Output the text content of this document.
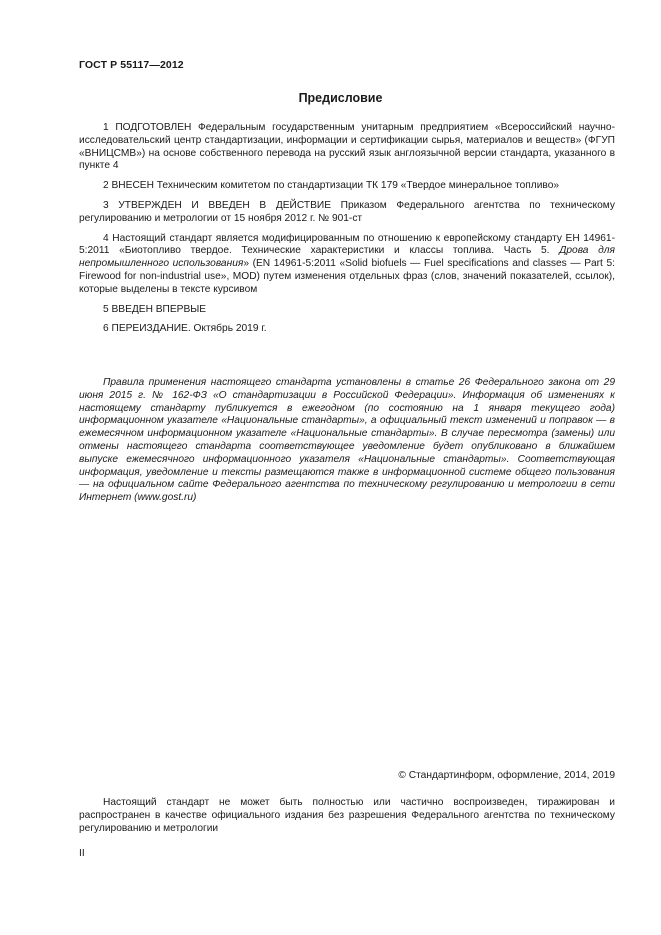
ГОСТ Р 55117—2012
Предисловие

1 ПОДГОТОВЛЕН Федеральным государственным унитарным предприятием «Всероссийский научно-исследовательский центр стандартизации, информации и сертификации сырья, материалов и веществ» (ФГУП «ВНИЦСМВ») на основе собственного перевода на русский язык англоязычной версии стандарта, указанного в пункте 4

2 ВНЕСЕН Техническим комитетом по стандартизации ТК 179 «Твердое минеральное топливо»

3 УТВЕРЖДЕН И ВВЕДЕН В ДЕЙСТВИЕ Приказом Федерального агентства по техническому регулированию и метрологии от 15 ноября 2012 г. № 901-ст

4 Настоящий стандарт является модифицированным по отношению к европейскому стандарту ЕН 14961-5:2011 «Биотопливо твердое. Технические характеристики и классы топлива. Часть 5. Дрова для непромышленного использования» (EN 14961-5:2011 «Solid biofuels — Fuel specifications and classes — Part 5: Firewood for non-industrial use», MOD) путем изменения отдельных фраз (слов, значений показателей, ссылок), которые выделены в тексте курсивом

5 ВВЕДЕН ВПЕРВЫЕ

6 ПЕРЕИЗДАНИЕ. Октябрь 2019 г.

Правила применения настоящего стандарта установлены в статье 26 Федерального закона от 29 июня 2015 г. № 162-ФЗ «О стандартизации в Российской Федерации». Информация об изменениях к настоящему стандарту публикуется в ежегодном (по состоянию на 1 января текущего года) информационном указателе «Национальные стандарты», а официальный текст изменений и поправок — в ежемесячном информационном указателе «Национальные стандарты». В случае пересмотра (замены) или отмены настоящего стандарта соответствующее уведомление будет опубликовано в ближайшем выпуске ежемесячного информационного указателя «Национальные стандарты». Соответствующая информация, уведомление и тексты размещаются также в информационной системе общего пользования — на официальном сайте Федерального агентства по техническому регулированию и метрологии в сети Интернет (www.gost.ru)

© Стандартинформ, оформление, 2014, 2019

Настоящий стандарт не может быть полностью или частично воспроизведен, тиражирован и распространен в качестве официального издания без разрешения Федерального агентства по техническому регулированию и метрологии

II
